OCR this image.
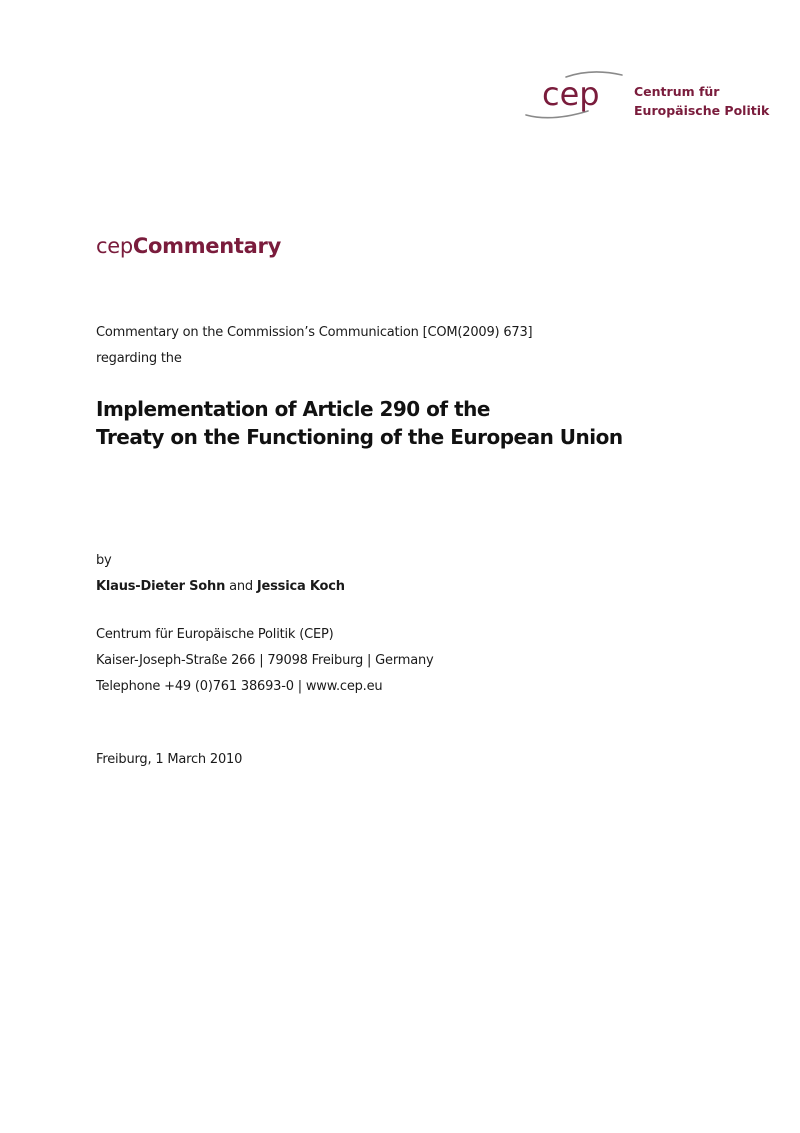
cep	Centrum für
Europäische Politik
cepCommentary
Commentary on the Commission’s Communication [COM(2009) 673]
regarding the
Implementation of Article 290 of the
Treaty on the Functioning of the European Union
by
Klaus-Dieter Sohn and Jessica Koch
Centrum für Europäische Politik (CEP)
Kaiser-Joseph-Straße 266 | 79098 Freiburg | Germany
Telephone +49 (0)761 38693-0 | www.cep.eu
Freiburg, 1 March 2010
